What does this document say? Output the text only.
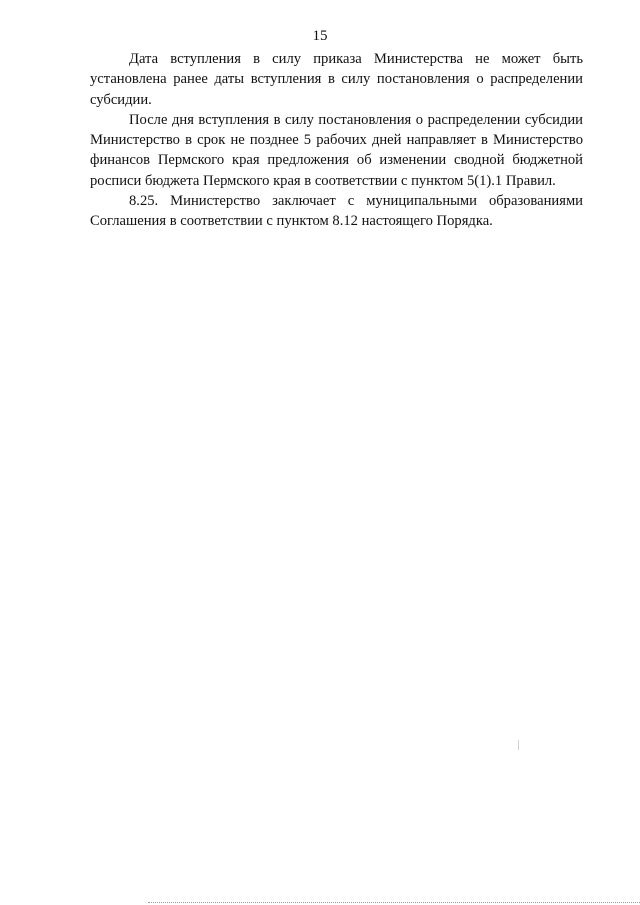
15

Дата вступления в силу приказа Министерства не может быть установлена ранее даты вступления в силу постановления о распределении субсидии.

После дня вступления в силу постановления о распределении субсидии Министерство в срок не позднее 5 рабочих дней направляет в Министерство финансов Пермского края предложения об изменении сводной бюджетной росписи бюджета Пермского края в соответствии с пунктом 5(1).1 Правил.

8.25. Министерство заключает с муниципальными образованиями Соглашения в соответствии с пунктом 8.12 настоящего Порядка.
